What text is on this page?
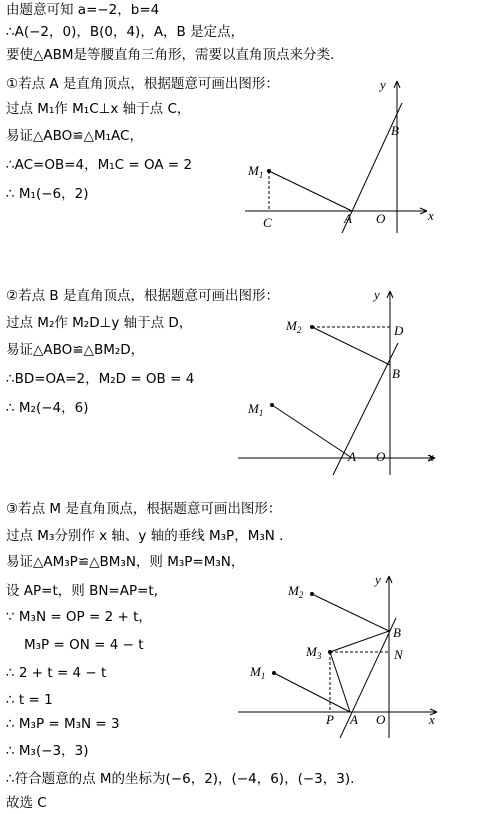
由题意可知 a=−2，b=4
∴A(−2，0)，B(0，4)，A，B 是定点，
要使△ABM是等腰直角三角形，需要以直角顶点来分类.
①若点 A 是直角顶点，根据题意可画出图形：
过点 M₁作 M₁C⊥x 轴于点 C，
易证△ABO≌△M₁AC，
∴AC=OB=4，M₁C = OA = 2
∴ M₁(−6，2)
②若点 B 是直角顶点，根据题意可画出图形：
过点 M₂作 M₂D⊥y 轴于点 D，
易证△ABO≌△BM₂D，
∴BD=OA=2，M₂D = OB = 4
∴ M₂(−4，6)
③若点 M 是直角顶点，根据题意可画出图形：
过点 M₃分别作 x 轴、y 轴的垂线 M₃P，M₃N .
易证△AM₃P≌△BM₃N，则 M₃P=M₃N，
设 AP=t，则 BN=AP=t,
∵ M₃N = OP = 2 + t，
M₃P = ON = 4 − t
∴ 2 + t = 4 − t
∴ t = 1
∴ M₃P = M₃N = 3
∴ M₃(−3，3)
∴符合题意的点 M的坐标为(−6，2)，(−4，6)，(−3，3).
故选 C
y
x
B
$M_1$
C	A O
y
x
$M_2$	D
B
$M_1$
A O
y
x
$M_2$
B
$M_3$	N
$M_1$
P A O
